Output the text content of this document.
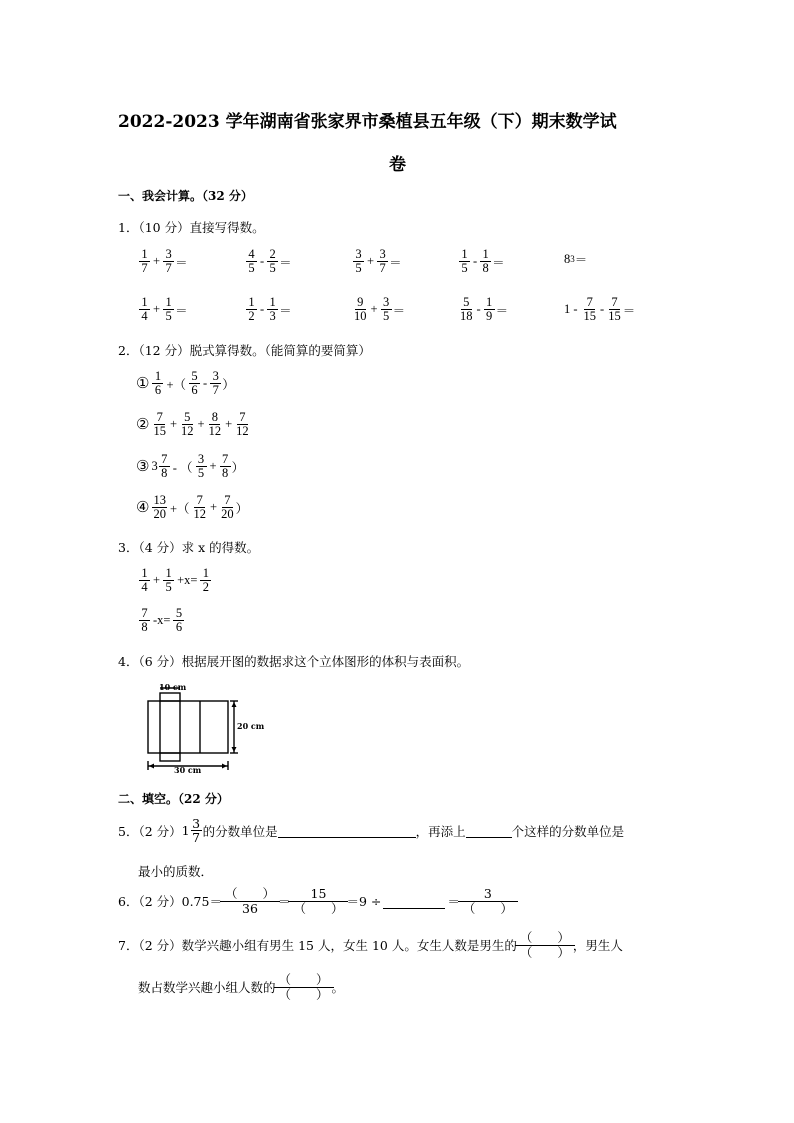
2022-2023 学年湖南省张家界市桑植县五年级（下）期末数学试
卷
一、我会计算。（32 分）
1．（10 分）直接写得数。
$\frac{1}{7} + \frac{3}{7}$ ＝	$\frac{4}{5} - \frac{2}{5}$ ＝	$\frac{3}{5} + \frac{3}{7}$ ＝	$\frac{1}{5} - \frac{1}{8}$ ＝	8 3 ＝
$\frac{1}{4} + \frac{1}{5}$ ＝	$\frac{1}{2} - \frac{1}{3}$ ＝	$\frac{9}{10} + \frac{3}{5}$ ＝	$\frac{5}{18} - \frac{1}{9}$ ＝	$1 - \frac{7}{15} - \frac{7}{15}$ ＝
2．（12 分）脱式算得数。（能简算的要简算）
① $\frac{1}{6}$ +（ $\frac{5}{6} - \frac{3}{7}$ ）
② $\frac{7}{15} + \frac{5}{12} + \frac{8}{12} + \frac{7}{12}$
③ $3 \frac{7}{8}$ - （ $\frac{3}{5} + \frac{7}{8}$ ）
④ $\frac{13}{20}$ +（ $\frac{7}{12} + \frac{7}{20}$ ）
3．（4 分）求 x 的得数。
$\frac{1}{4} + \frac{1}{5} +x= \frac{1}{2}$
$\frac{7}{8} -x= \frac{5}{6}$
4．（6 分）根据展开图的数据求这个立体图形的体积与表面积。
10 cm
20 cm
30 cm
二、填空。（22 分）
5．（2 分） $1 \frac{3}{7}$ 的分数单位是	，再添上	个这样的分数单位是
最小的质数．
6．（2 分）0.75＝
（　　）
36 ＝
15
（　　） ＝9 ÷	＝
3
（　　）
7．（2 分）数学兴趣小组有男生 15 人，女生 10 人。女生人数是男生的
（　　）
（　　） ，男生人
数占数学兴趣小组人数的
（　　）
（　　） 。
